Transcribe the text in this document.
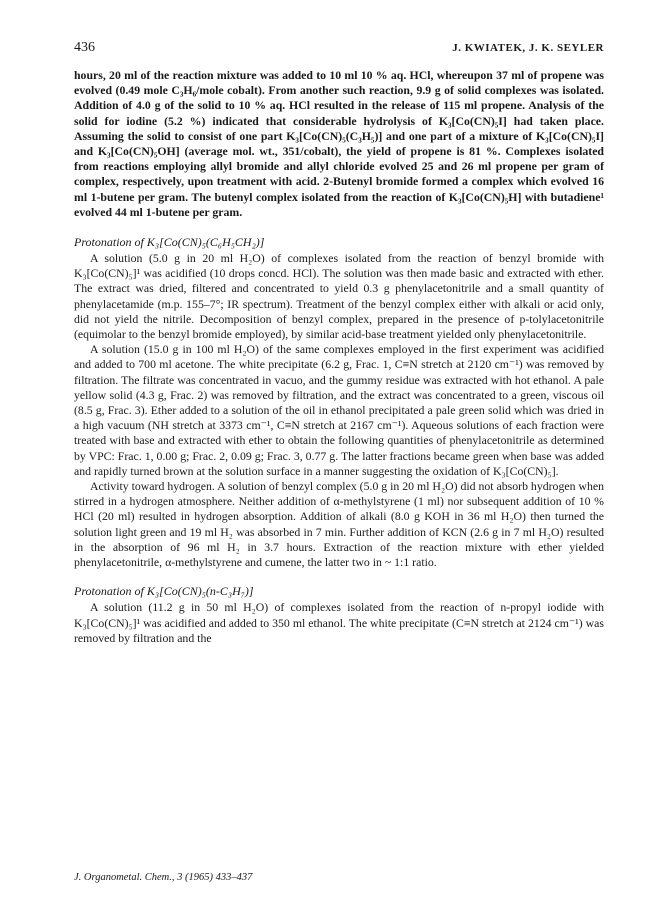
436	J. KWIATEK, J. K. SEYLER

hours, 20 ml of the reaction mixture was added to 10 ml 10 % aq. HCl, whereupon 37 ml of propene was evolved (0.49 mole C₃H₆/mole cobalt). From another such reaction, 9.9 g of solid complexes was isolated. Addition of 4.0 g of the solid to 10 % aq. HCl resulted in the release of 115 ml propene. Analysis of the solid for iodine (5.2 %) indicated that considerable hydrolysis of K₃[Co(CN)₅I] had taken place. Assuming the solid to consist of one part K₃[Co(CN)₅(C₃H₅)] and one part of a mixture of K₃[Co(CN)₅I] and K₃[Co(CN)₅OH] (average mol. wt., 351/cobalt), the yield of propene is 81 %. Complexes isolated from reactions employing allyl bromide and allyl chloride evolved 25 and 26 ml propene per gram of complex, respectively, upon treatment with acid. 2-Butenyl bromide formed a complex which evolved 16 ml 1-butene per gram. The butenyl complex isolated from the reaction of K₃[Co(CN)₅H] with butadiene¹ evolved 44 ml 1-butene per gram.

Protonation of K₃[Co(CN)₅(C₆H₅CH₂)]

A solution (5.0 g in 20 ml H₂O) of complexes isolated from the reaction of benzyl bromide with K₃[Co(CN)₅]¹ was acidified (10 drops concd. HCl). The solution was then made basic and extracted with ether. The extract was dried, filtered and concentrated to yield 0.3 g phenylacetonitrile and a small quantity of phenylacetamide (m.p. 155–7°; IR spectrum). Treatment of the benzyl complex either with alkali or acid only, did not yield the nitrile. Decomposition of benzyl complex, prepared in the presence of p-tolylacetonitrile (equimolar to the benzyl bromide employed), by similar acid-base treatment yielded only phenylacetonitrile.

A solution (15.0 g in 100 ml H₂O) of the same complexes employed in the first experiment was acidified and added to 700 ml acetone. The white precipitate (6.2 g, Frac. 1, C≡N stretch at 2120 cm⁻¹) was removed by filtration. The filtrate was concentrated in vacuo, and the gummy residue was extracted with hot ethanol. A pale yellow solid (4.3 g, Frac. 2) was removed by filtration, and the extract was concentrated to a green, viscous oil (8.5 g, Frac. 3). Ether added to a solution of the oil in ethanol precipitated a pale green solid which was dried in a high vacuum (NH stretch at 3373 cm⁻¹, C≡N stretch at 2167 cm⁻¹). Aqueous solutions of each fraction were treated with base and extracted with ether to obtain the following quantities of phenylacetonitrile as determined by VPC: Frac. 1, 0.00 g; Frac. 2, 0.09 g; Frac. 3, 0.77 g. The latter fractions became green when base was added and rapidly turned brown at the solution surface in a manner suggesting the oxidation of K₃[Co(CN)₅].

Activity toward hydrogen. A solution of benzyl complex (5.0 g in 20 ml H₂O) did not absorb hydrogen when stirred in a hydrogen atmosphere. Neither addition of α-methylstyrene (1 ml) nor subsequent addition of 10 % HCl (20 ml) resulted in hydrogen absorption. Addition of alkali (8.0 g KOH in 36 ml H₂O) then turned the solution light green and 19 ml H₂ was absorbed in 7 min. Further addition of KCN (2.6 g in 7 ml H₂O) resulted in the absorption of 96 ml H₂ in 3.7 hours. Extraction of the reaction mixture with ether yielded phenylacetonitrile, α-methylstyrene and cumene, the latter two in ~ 1:1 ratio.

Protonation of K₃[Co(CN)₅(n-C₃H₇)]

A solution (11.2 g in 50 ml H₂O) of complexes isolated from the reaction of n-propyl iodide with K₃[Co(CN)₅]¹ was acidified and added to 350 ml ethanol. The white precipitate (C≡N stretch at 2124 cm⁻¹) was removed by filtration and the

J. Organometal. Chem., 3 (1965) 433–437
